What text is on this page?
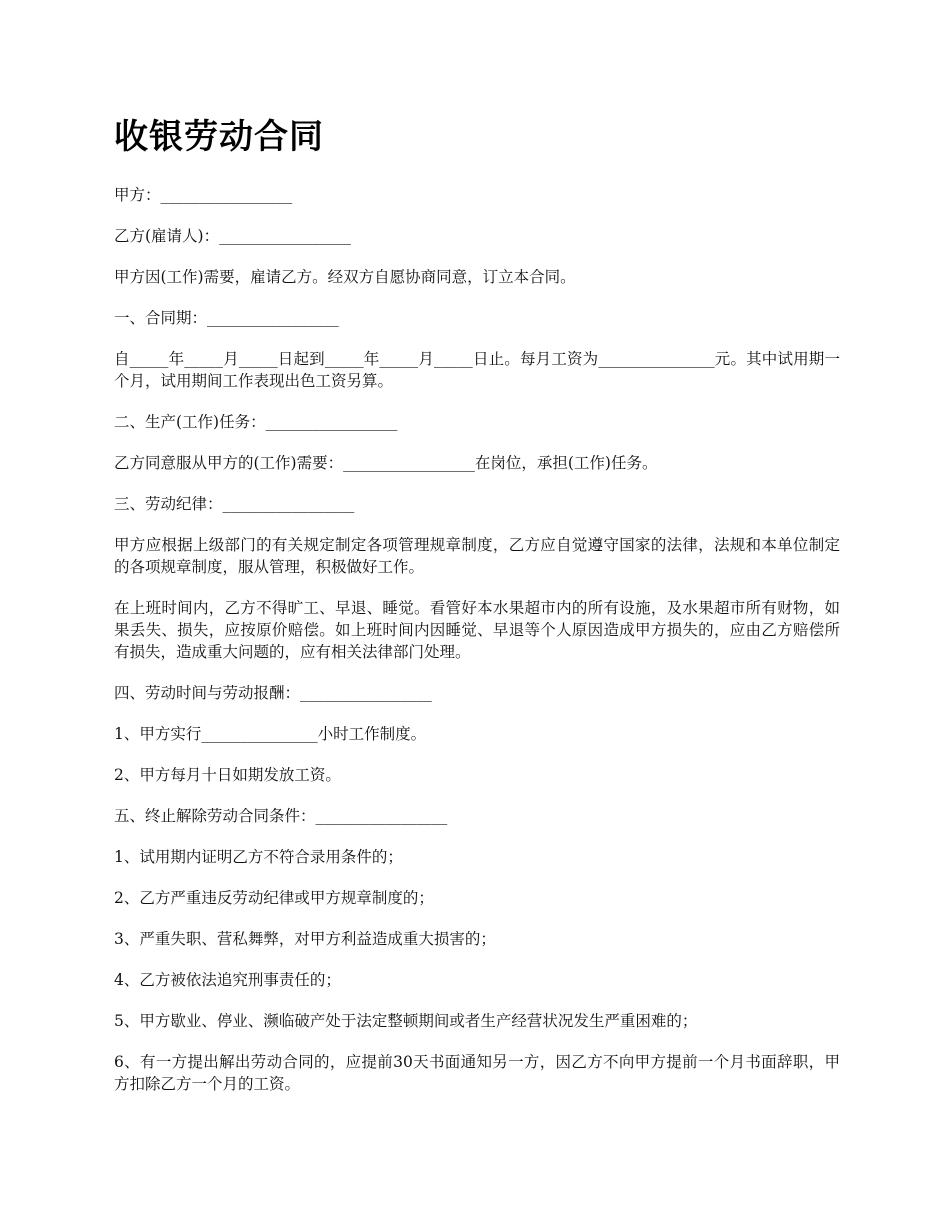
收银劳动合同

甲方：_________________

乙方(雇请人)：_________________

甲方因(工作)需要，雇请乙方。经双方自愿协商同意，订立本合同。

一、合同期：_________________

自_____年_____月_____日起到_____年_____月_____日止。每月工资为_______________元。其中试用期一个月，试用期间工作表现出色工资另算。

二、生产(工作)任务：_________________

乙方同意服从甲方的(工作)需要：_________________在岗位，承担(工作)任务。

三、劳动纪律：_________________

甲方应根据上级部门的有关规定制定各项管理规章制度，乙方应自觉遵守国家的法律，法规和本单位制定的各项规章制度，服从管理，积极做好工作。

在上班时间内，乙方不得旷工、早退、睡觉。看管好本水果超市内的所有设施，及水果超市所有财物，如果丢失、损失，应按原价赔偿。如上班时间内因睡觉、早退等个人原因造成甲方损失的，应由乙方赔偿所有损失，造成重大问题的，应有相关法律部门处理。

四、劳动时间与劳动报酬：_________________

1、甲方实行_______________小时工作制度。

2、甲方每月十日如期发放工资。

五、终止解除劳动合同条件：_________________

1、试用期内证明乙方不符合录用条件的；

2、乙方严重违反劳动纪律或甲方规章制度的；

3、严重失职、营私舞弊，对甲方利益造成重大损害的；

4、乙方被依法追究刑事责任的；

5、甲方歇业、停业、濒临破产处于法定整顿期间或者生产经营状况发生严重困难的；

6、有一方提出解出劳动合同的，应提前30天书面通知另一方，因乙方不向甲方提前一个月书面辞职，甲方扣除乙方一个月的工资。
